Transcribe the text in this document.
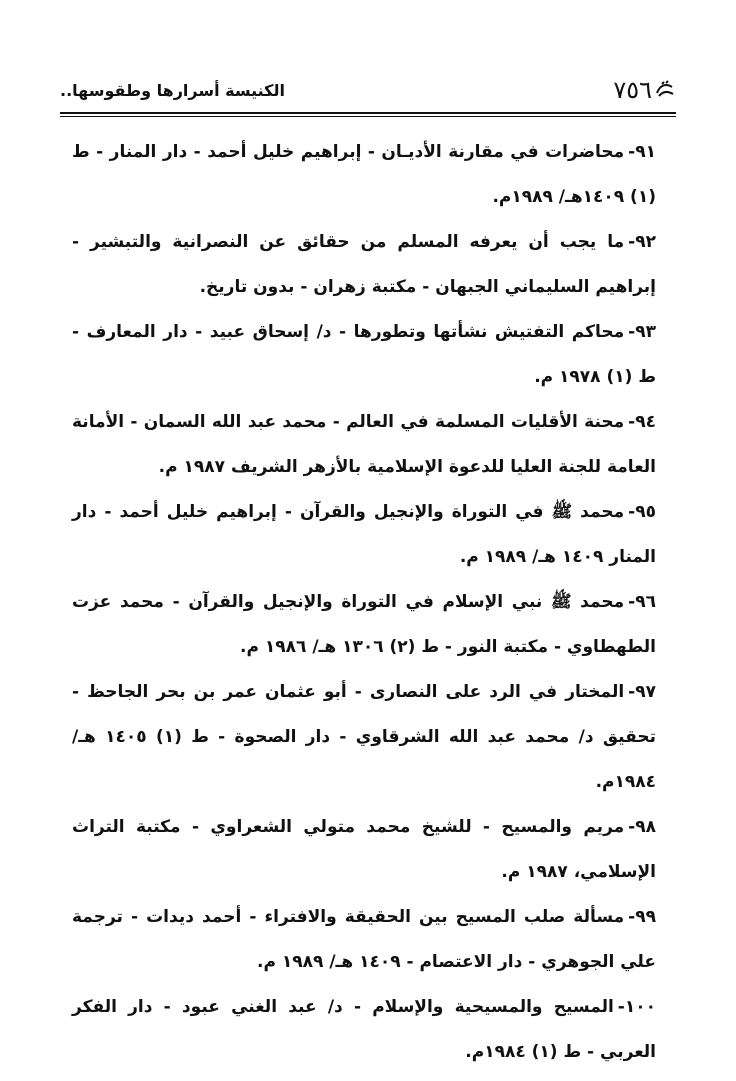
٧٥٦
الكنيسة أسرارها وطقوسها..

٩١-محاضرات في مقارنة الأديـان - إبراهيم خليل أحمد - دار المنار - ط (١) ١٤٠٩هـ/ ١٩٨٩م.

٩٢-ما يجب أن يعرفه المسلم من حقائق عن النصرانية والتبشير - إبراهيم السليماني الجبهان - مكتبة زهران - بدون تاريخ.

٩٣-محاكم التفتيش نشأتها وتطورها - د/ إسحاق عبيد - دار المعارف - ط (١) ١٩٧٨ م.

٩٤-محنة الأقليات المسلمة في العالم - محمد عبد الله السمان - الأمانة العامة للجنة العليا للدعوة الإسلامية بالأزهر الشريف ١٩٨٧ م.

٩٥-محمد ﷺ في التوراة والإنجيل والقرآن - إبراهيم خليل أحمد - دار المنار ١٤٠٩ هـ/ ١٩٨٩ م.

٩٦-محمد ﷺ نبي الإسلام في التوراة والإنجيل والقرآن - محمد عزت الطهطاوي - مكتبة النور - ط (٢) ١٣٠٦ هـ/ ١٩٨٦ م.

٩٧-المختار في الرد على النصارى - أبو عثمان عمر بن بحر الجاحظ - تحقيق د/ محمد عبد الله الشرقاوي - دار الصحوة - ط (١) ١٤٠٥ هـ/ ١٩٨٤م.

٩٨-مريم والمسيح - للشيخ محمد متولي الشعراوي - مكتبة التراث الإسلامي، ١٩٨٧ م.

٩٩-مسألة صلب المسيح بين الحقيقة والافتراء - أحمد ديدات - ترجمة علي الجوهري - دار الاعتصام - ١٤٠٩ هـ/ ١٩٨٩ م.

١٠٠-المسيح والمسيحية والإسلام - د/ عبد الغني عبود - دار الفكر العربي - ط (١) ١٩٨٤م.
